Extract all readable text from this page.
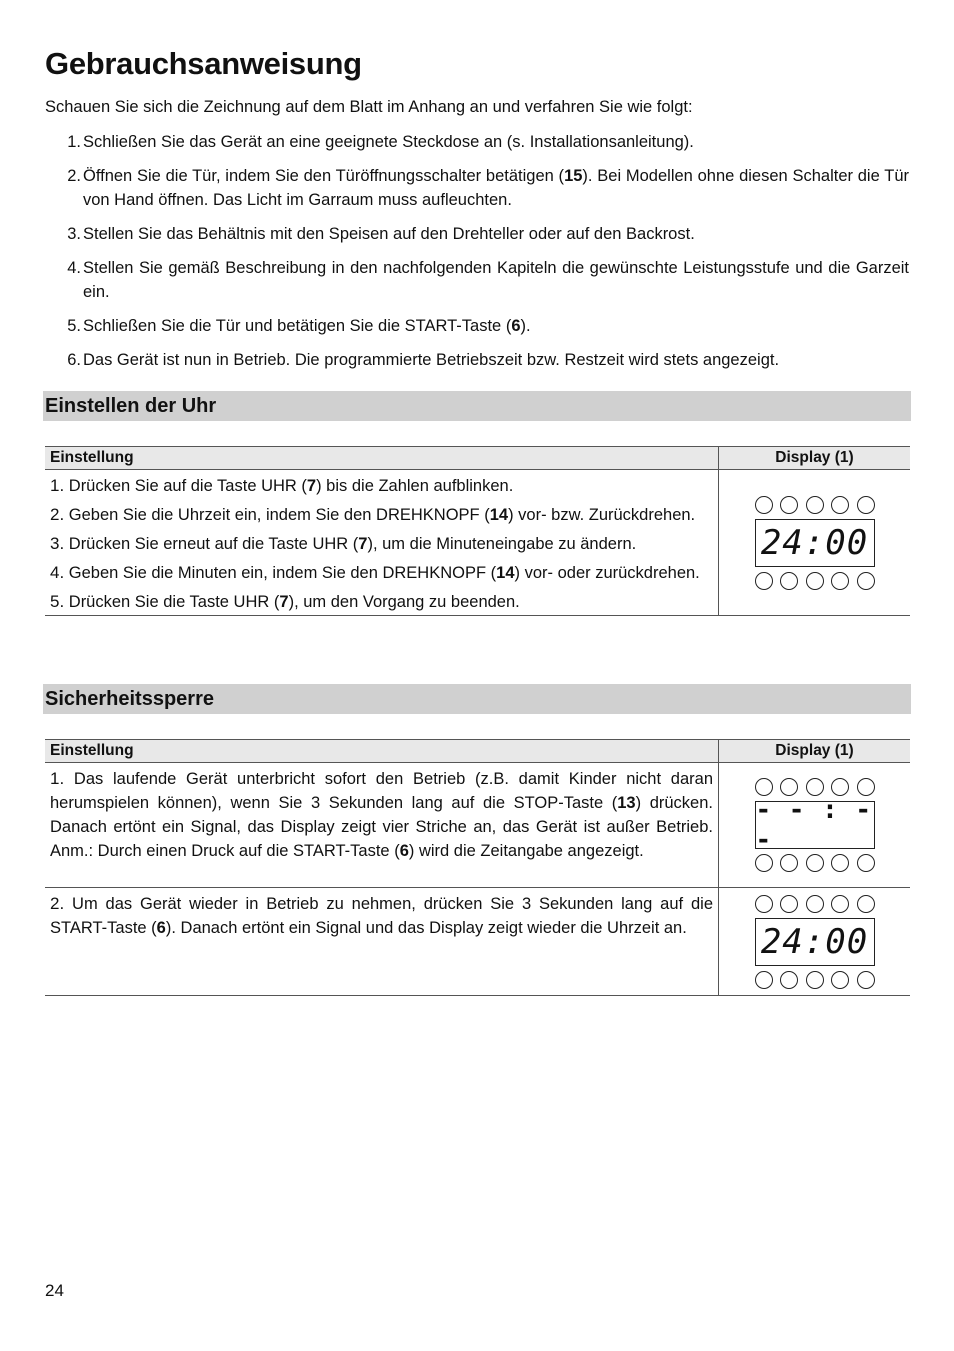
Gebrauchsanweisung
Schauen Sie sich die Zeichnung auf dem Blatt im Anhang an und verfahren Sie wie folgt:
1. Schließen Sie das Gerät an eine geeignete Steckdose an (s. Installationsanleitung).
2. Öffnen Sie die Tür, indem Sie den Türöffnungsschalter betätigen (15). Bei Modellen ohne diesen Schalter die Tür von Hand öffnen. Das Licht im Garraum muss aufleuchten.
3. Stellen Sie das Behältnis mit den Speisen auf den Drehteller oder auf den Backrost.
4. Stellen Sie gemäß Beschreibung in den nachfolgenden Kapiteln die gewünschte Leistungsstufe und die Garzeit ein.
5. Schließen Sie die Tür und betätigen Sie die START-Taste (6).
6. Das Gerät ist nun in Betrieb. Die programmierte Betriebszeit bzw. Restzeit wird stets angezeigt.
Einstellen der Uhr
Einstellung	Display (1)

1. Drücken Sie auf die Taste UHR (7) bis die Zahlen aufblinken.
2. Geben Sie die Uhrzeit ein, indem Sie den DREHKNOPF (14) vor- bzw. Zurückdrehen.
3. Drücken Sie erneut auf die Taste UHR (7), um die Minuteneingabe zu ändern.
4. Geben Sie die Minuten ein, indem Sie den DREHKNOPF (14) vor- oder zurückdrehen.
5. Drücken Sie die Taste UHR (7), um den Vorgang zu beenden.	24:00
Sicherheitssperre
Einstellung	Display (1)

1. Das laufende Gerät unterbricht sofort den Betrieb (z.B. damit Kinder nicht daran herumspielen können), wenn Sie 3 Sekunden lang auf die STOP-Taste (13) drücken. Danach ertönt ein Signal, das Display zeigt vier Striche an, das Gerät ist außer Betrieb. Anm.: Durch einen Druck auf die START-Taste (6) wird die Zeitangabe angezeigt.	- - : - -

2. Um das Gerät wieder in Betrieb zu nehmen, drücken Sie 3 Sekunden lang auf die START-Taste (6). Danach ertönt ein Signal und das Display zeigt wieder die Uhrzeit an.	24:00
24
